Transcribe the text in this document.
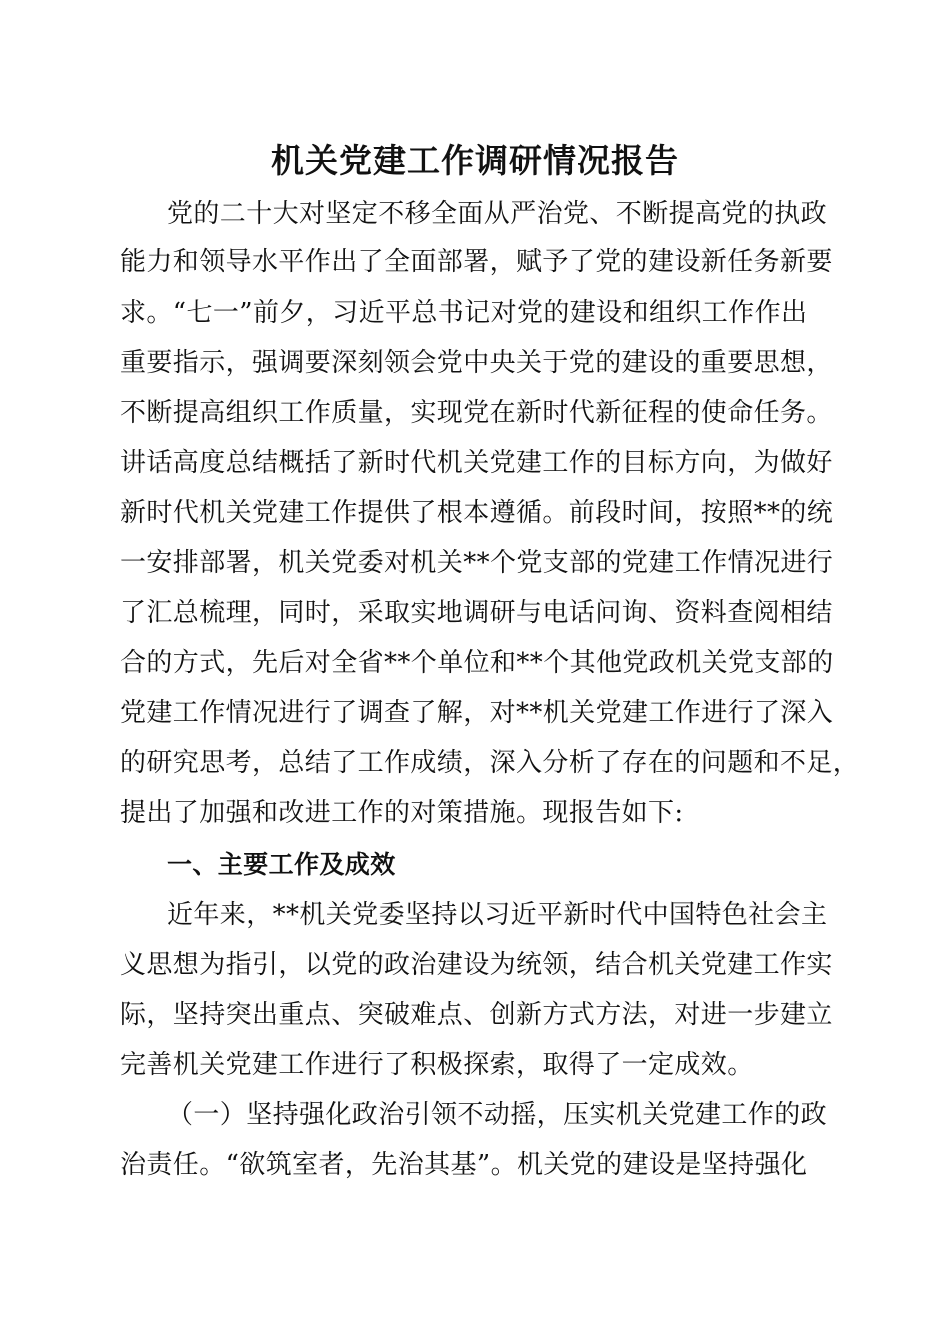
机关党建工作调研情况报告
党的二十大对坚定不移全面从严治党、不断提高党的执政
能力和领导水平作出了全面部署，赋予了党的建设新任务新要
求。“七一”前夕，习近平总书记对党的建设和组织工作作出
重要指示，强调要深刻领会党中央关于党的建设的重要思想，
不断提高组织工作质量，实现党在新时代新征程的使命任务。
讲话高度总结概括了新时代机关党建工作的目标方向，为做好
新时代机关党建工作提供了根本遵循。前段时间，按照**的统
一安排部署，机关党委对机关**个党支部的党建工作情况进行
了汇总梳理，同时，采取实地调研与电话问询、资料查阅相结
合的方式，先后对全省**个单位和**个其他党政机关党支部的
党建工作情况进行了调查了解，对**机关党建工作进行了深入
的研究思考，总结了工作成绩，深入分析了存在的问题和不足，
提出了加强和改进工作的对策措施。现报告如下:
一、主要工作及成效
近年来，**机关党委坚持以习近平新时代中国特色社会主
义思想为指引，以党的政治建设为统领，结合机关党建工作实
际，坚持突出重点、突破难点、创新方式方法，对进一步建立
完善机关党建工作进行了积极探索，取得了一定成效。
（一）坚持强化政治引领不动摇，压实机关党建工作的政
治责任。“欲筑室者，先治其基”。机关党的建设是坚持强化
